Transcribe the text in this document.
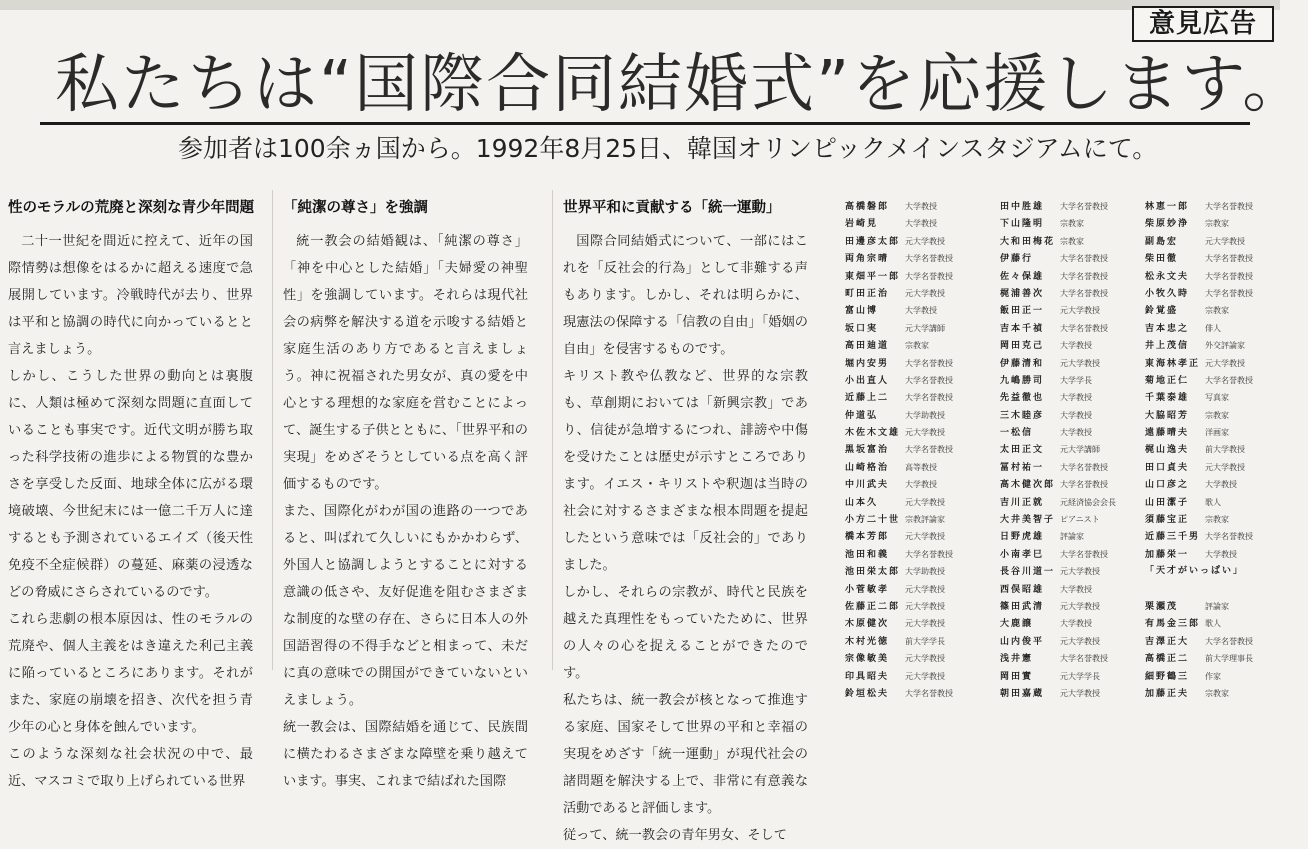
意見広告
私たちは“国際合同結婚式”を応援します。
参加者は100余ヵ国から。1992年8月25日、韓国オリンピックメインスタジアムにて。
性のモラルの荒廃と深刻な青少年問題

二十一世紀を間近に控えて、近年の国際情勢は想像をはるかに超える速度で急展開しています。冷戦時代が去り、世界は平和と協調の時代に向かっているとと言えましょう。
しかし、こうした世界の動向とは裏腹に、人類は極めて深刻な問題に直面していることも事実です。近代文明が勝ち取った科学技術の進歩による物質的な豊かさを享受した反面、地球全体に広がる環境破壊、今世紀末には一億二千万人に達するとも予測されているエイズ（後天性免疫不全症候群）の蔓延、麻薬の浸透などの脅威にさらされているのです。
これら悲劇の根本原因は、性のモラルの荒廃や、個人主義をはき違えた利己主義に陥っているところにあります。それがまた、家庭の崩壊を招き、次代を担う青少年の心と身体を蝕んでいます。
このような深刻な社会状況の中で、最近、マスコミで取り上げられている世界

「純潔の尊さ」を強調

統一教会の結婚観は、「純潔の尊さ」「神を中心とした結婚」「夫婦愛の神聖性」を強調しています。それらは現代社会の病弊を解決する道を示唆する結婚と家庭生活のあり方であると言えましょう。神に祝福された男女が、真の愛を中心とする理想的な家庭を営むことによって、誕生する子供とともに、「世界平和の実現」をめざそうとしている点を高く評価するものです。
また、国際化がわが国の進路の一つであると、叫ばれて久しいにもかかわらず、外国人と協調しようとすることに対する意識の低さや、友好促進を阻むさまざまな制度的な壁の存在、さらに日本人の外国語習得の不得手などと相まって、未だに真の意味での開国ができていないといえましょう。
統一教会は、国際結婚を通じて、民族間に横たわるさまざまな障壁を乗り越えています。事実、これまで結ばれた国際

世界平和に貢献する「統一運動」

国際合同結婚式について、一部にはこれを「反社会的行為」として非難する声もあります。しかし、それは明らかに、現憲法の保障する「信教の自由」「婚姻の自由」を侵害するものです。
キリスト教や仏教など、世界的な宗教も、草創期においては「新興宗教」であり、信徒が急増するにつれ、誹謗や中傷を受けたことは歴史が示すところであります。イエス・キリストや釈迦は当時の社会に対するさまざまな根本問題を提起したという意味では「反社会的」でありました。
しかし、それらの宗教が、時代と民族を越えた真理性をもっていたために、世界の人々の心を捉えることができたのです。
私たちは、統一教会が核となって推進する家庭、国家そして世界の平和と幸福の実現をめざす「統一運動」が現代社会の諸問題を解決する上で、非常に有意義な活動であると評価します。
従って、統一教会の青年男女、そして

高橋磐郎 大学教授
岩崎見	大学教授
田邊彦太郎 元大学教授
両角宗晴 大学名誉教授
東畑平一郎 大学名誉教授
町田正治 元大学教授
富山博	大学教授
坂口実	元大学講師
高田廸道 宗教家
堀内安男 大学名誉教授
小出直人 大学名誉教授
近藤上二 大学名誉教授
仲道弘	大学助教授
木佐木文雄 元大学教授
黒坂富治 大学名誉教授
山崎格治 高等教授
中川武夫 大学教授
山本久	元大学教授
小方二十世 宗教評論家
橋本芳郎 元大学教授
池田和義 大学名誉教授
池田栄太郎 大学助教授
小菅敏孝 元大学教授
佐藤正二郎 元大学教授
木原健次 元大学教授
木村光徳 前大学学長
宗像敏美 元大学教授
印具昭夫 元大学教授
鈴垣松夫 大学名誉教授
田中胜雄 大学名誉教授
下山隆明 宗教家
大和田梅花 宗教家
伊藤行	大学名誉教授
佐々保雄 大学名誉教授
梶浦善次 大学名誉教授
飯田正一 元大学教授
吉本千禎 大学名誉教授
岡田克己 大学教授
伊藤清和 元大学教授
九嶋勝司 大学学長
先益徹也 大学教授
三木睦彦 大学教授
一松信	大学教授
太田正文 元大学講師
冨村祐一 大学名誉教授
高木健次郎 大学名誉教授
吉川正就 元経済協会会長
大井美智子 ピアニスト
日野虎雄 評論家
小南孝巳 大学名誉教授
長谷川道一 元大学教授
西俣昭雄 大学教授
篠田武清 元大学教授
大鹿譲	大学教授
山内俊平 元大学教授
浅井憲	大学名誉教授
岡田實	元大学学長
朝田嘉蔵 元大学教授
林恵一郎 大学名誉教授
柴原妙浄 宗教家
副島宏	元大学教授
柴田徹	大学名誉教授
松永文夫 大学名誉教授
小牧久時 大学名誉教授
鈴覚盛	宗教家
吉本忠之 俳人
井上茂信 外交評論家
東海林孝正 元大学教授
菊地正仁 大学名誉教授
千葉泰雄 写真家
大脇昭芳 宗教家
遠藤晴夫 洋画家
梶山逸夫 前大学教授
田口貞夫 元大学教授
山口彦之 大学教授
山田潔子 歌人
須藤宝正 宗教家
近藤三千男 大学名誉教授
加藤栄一 大学教授
「天才がいっぱい」
栗瀬茂	評論家
有馬金三郎 歌人
吉澤正大 大学名誉教授
高橋正二 前大学理事長
細野鶴三 作家
加藤正夫 宗教家
